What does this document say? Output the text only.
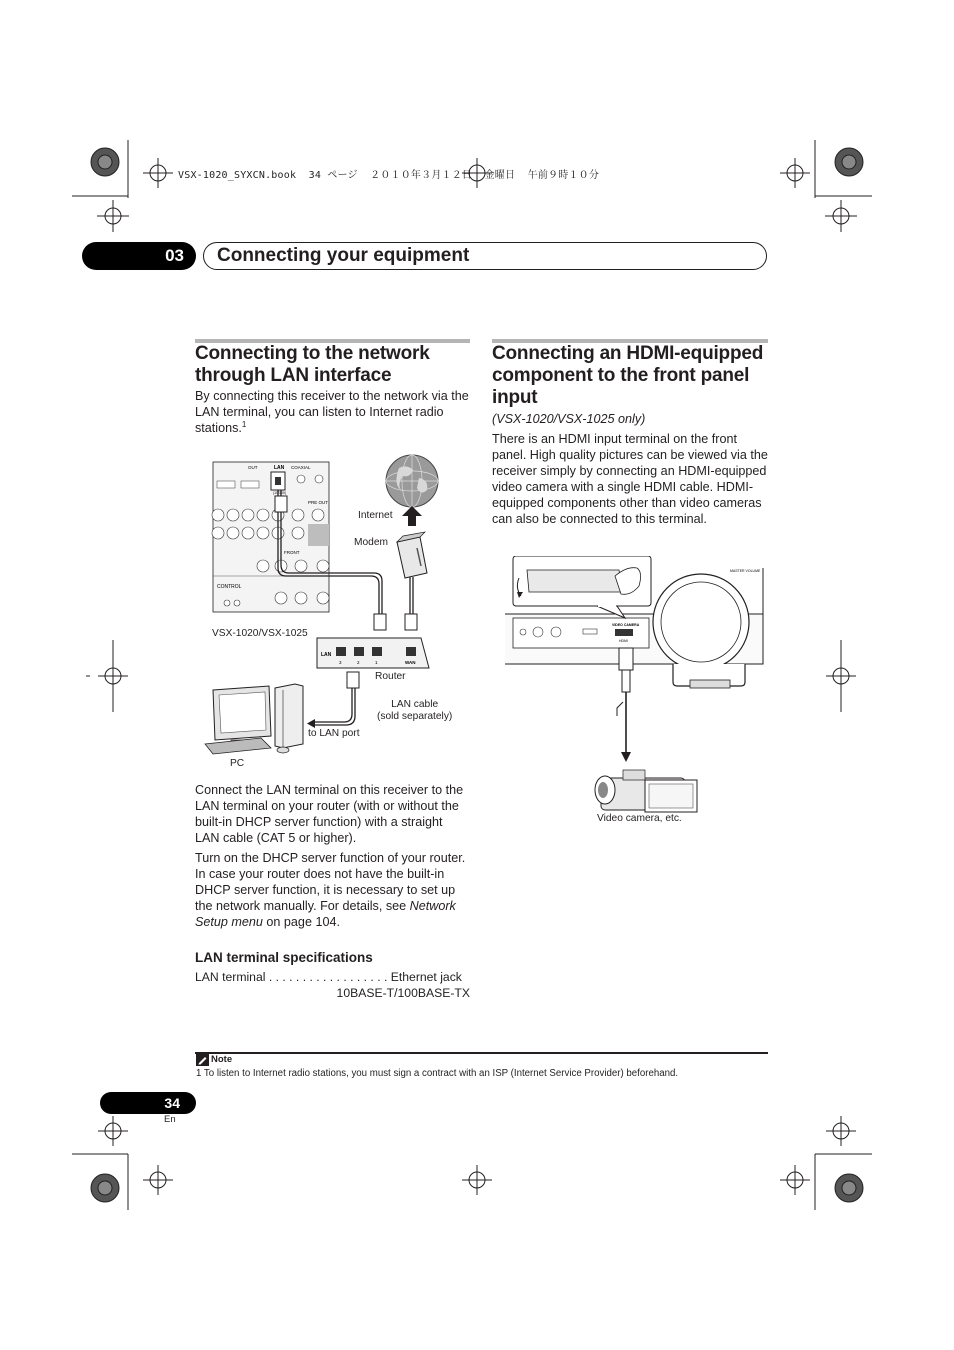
VSX-1020_SYXCN.book  34 ページ  ２０１０年３月１２日  金曜日  午前９時１０分
03	Connecting your equipment
Connecting to the network
through LAN interface
By connecting this receiver to the network via the LAN terminal, you can listen to Internet radio stations.$^1$
CONTROL
OUT	LAN
(10/100)
COAXIAL
PRE OUT
FRONT
LAN
3	2	1	WAN
Internet
Modem
VSX-1020/VSX-1025
Router
LAN cable
(sold separately)
to LAN port
PC

Connect the LAN terminal on this receiver to the LAN terminal on your router (with or without the built-in DHCP server function) with a straight LAN cable (CAT 5 or higher).

Turn on the DHCP server function of your router. In case your router does not have the built-in DHCP server function, it is necessary to set up the network manually. For details, see Network Setup menu on page 104.

LAN terminal specifications
LAN terminal . . . . . . . . . . . . . . . . . . Ethernet jack
10BASE-T/100BASE-TX
Connecting an HDMI-equipped
component to the front panel
input
(VSX-1020/VSX-1025 only)
There is an HDMI input terminal on the front panel. High quality pictures can be viewed via the receiver simply by connecting an HDMI-equipped video camera with a single HDMI cable. HDMI-equipped components other than video cameras can also be connected to this terminal.
VIDEO CAMERA
HDMI
MASTER VOLUME
Video camera, etc.
Note
1 To listen to Internet radio stations, you must sign a contract with an ISP (Internet Service Provider) beforehand.
34
En
